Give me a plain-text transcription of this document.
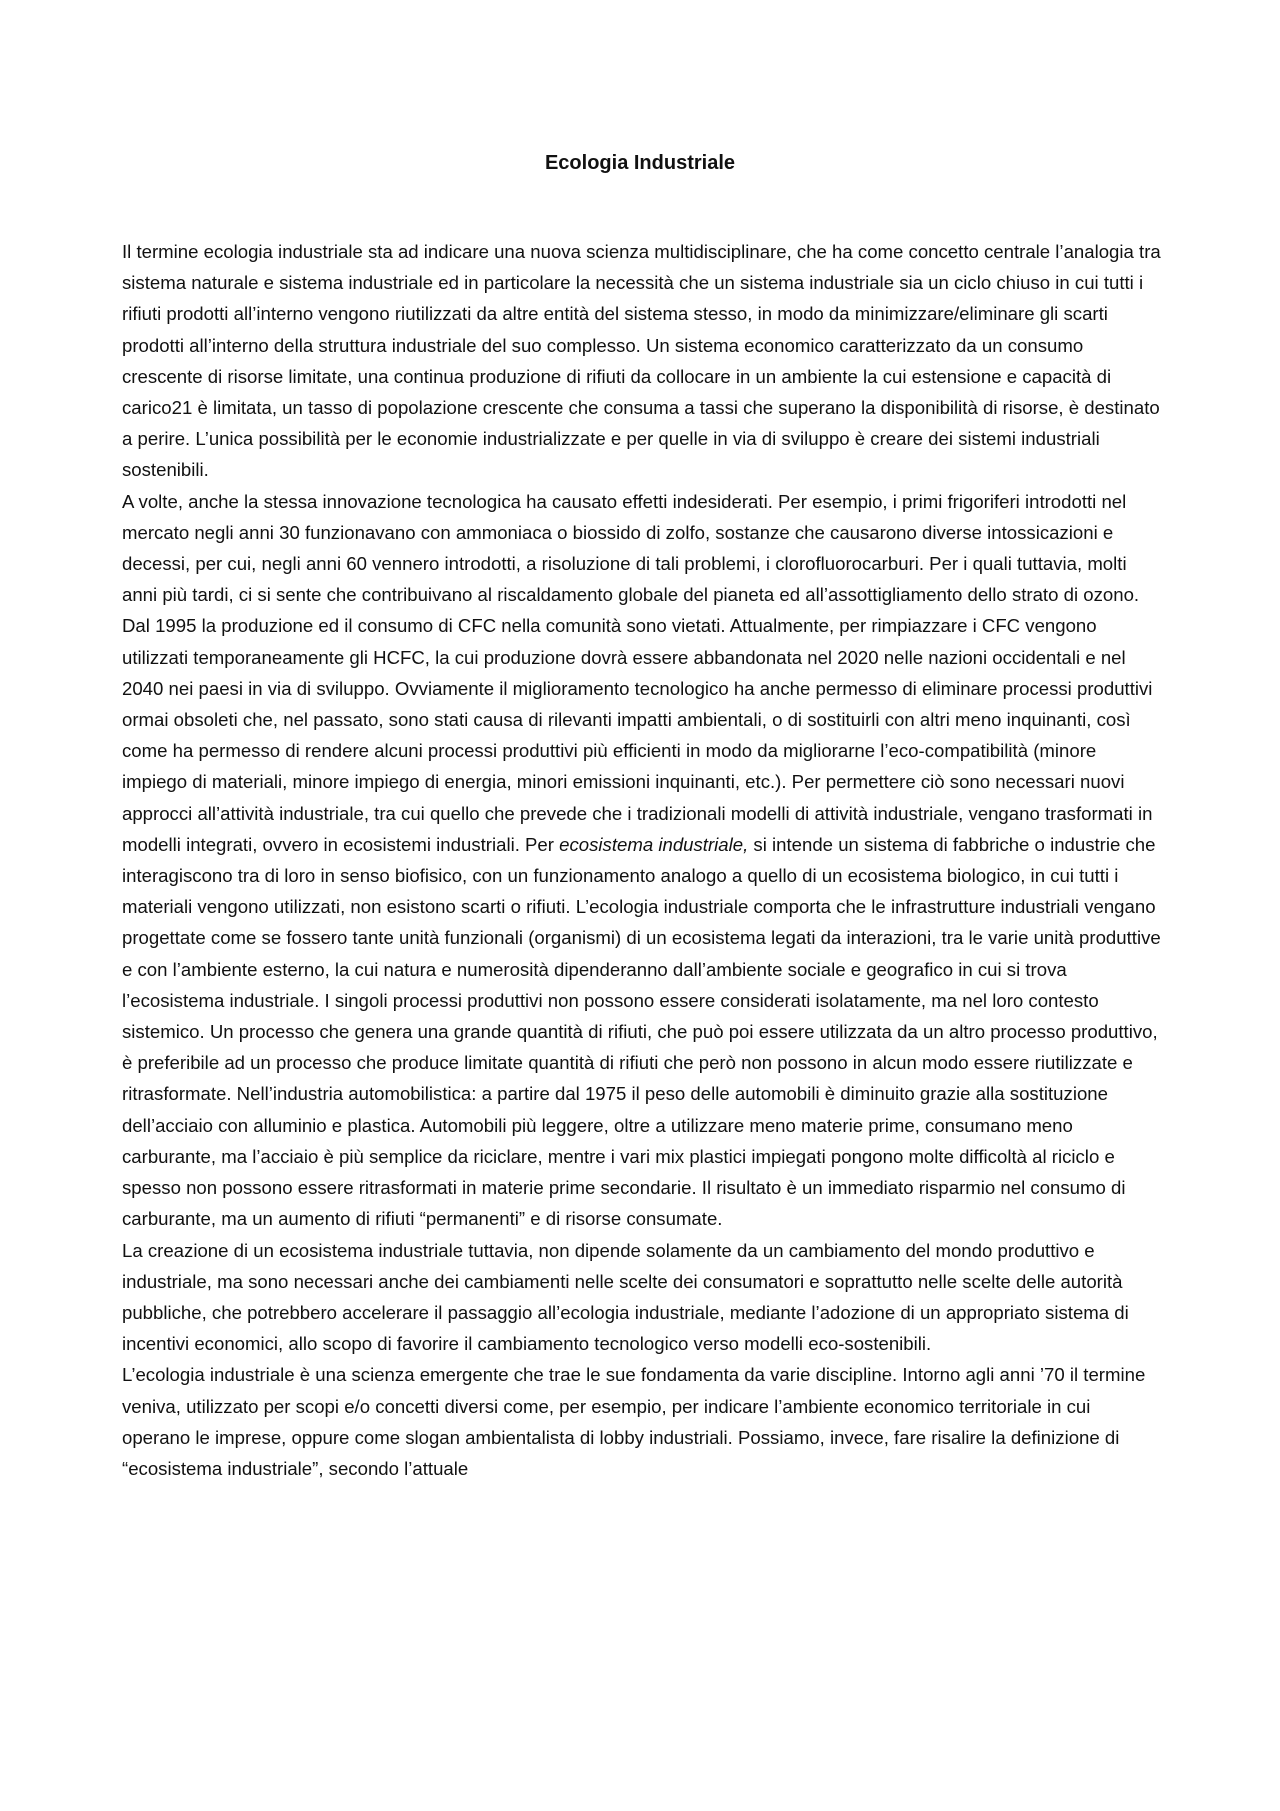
Ecologia Industriale

Il termine ecologia industriale sta ad indicare una nuova scienza multidisciplinare, che ha come concetto centrale l’analogia tra sistema naturale e sistema industriale ed in particolare la necessità che un sistema industriale sia un ciclo chiuso in cui tutti i rifiuti prodotti all’interno vengono riutilizzati da altre entità del sistema stesso, in modo da minimizzare/eliminare gli scarti prodotti all’interno della struttura industriale del suo complesso. Un sistema economico caratterizzato da un consumo crescente di risorse limitate, una continua produzione di rifiuti da collocare in un ambiente la cui estensione e capacità di carico21 è limitata, un tasso di popolazione crescente che consuma a tassi che superano la disponibilità di risorse, è destinato a perire. L’unica possibilità per le economie industrializzate e per quelle in via di sviluppo è creare dei sistemi industriali sostenibili.

A volte, anche la stessa innovazione tecnologica ha causato effetti indesiderati. Per esempio, i primi frigoriferi introdotti nel mercato negli anni 30 funzionavano con ammoniaca o biossido di zolfo, sostanze che causarono diverse intossicazioni e decessi, per cui, negli anni 60 vennero introdotti, a risoluzione di tali problemi, i clorofluorocarburi. Per i quali tuttavia, molti anni più tardi, ci si sente che contribuivano al riscaldamento globale del pianeta ed all’assottigliamento dello strato di ozono. Dal 1995 la produzione ed il consumo di CFC nella comunità sono vietati. Attualmente, per rimpiazzare i CFC vengono utilizzati temporaneamente gli HCFC, la cui produzione dovrà essere abbandonata nel 2020 nelle nazioni occidentali e nel 2040 nei paesi in via di sviluppo. Ovviamente il miglioramento tecnologico ha anche permesso di eliminare processi produttivi ormai obsoleti che, nel passato, sono stati causa di rilevanti impatti ambientali, o di sostituirli con altri meno inquinanti, così come ha permesso di rendere alcuni processi produttivi più efficienti in modo da migliorarne l’eco-compatibilità (minore impiego di materiali, minore impiego di energia, minori emissioni inquinanti, etc.). Per permettere ciò sono necessari nuovi approcci all’attività industriale, tra cui quello che prevede che i tradizionali modelli di attività industriale, vengano trasformati in modelli integrati, ovvero in ecosistemi industriali. Per ecosistema industriale, si intende un sistema di fabbriche o industrie che interagiscono tra di loro in senso biofisico, con un funzionamento analogo a quello di un ecosistema biologico, in cui tutti i materiali vengono utilizzati, non esistono scarti o rifiuti. L’ecologia industriale comporta che le infrastrutture industriali vengano progettate come se fossero tante unità funzionali (organismi) di un ecosistema legati da interazioni, tra le varie unità produttive e con l’ambiente esterno, la cui natura e numerosità dipenderanno dall’ambiente sociale e geografico in cui si trova l’ecosistema industriale. I singoli processi produttivi non possono essere considerati isolatamente, ma nel loro contesto sistemico. Un processo che genera una grande quantità di rifiuti, che può poi essere utilizzata da un altro processo produttivo, è preferibile ad un processo che produce limitate quantità di rifiuti che però non possono in alcun modo essere riutilizzate e ritrasformate. Nell’industria automobilistica: a partire dal 1975 il peso delle automobili è diminuito grazie alla sostituzione dell’acciaio con alluminio e plastica. Automobili più leggere, oltre a utilizzare meno materie prime, consumano meno carburante, ma l’acciaio è più semplice da riciclare, mentre i vari mix plastici impiegati pongono molte difficoltà al riciclo e spesso non possono essere ritrasformati in materie prime secondarie. Il risultato è un immediato risparmio nel consumo di carburante, ma un aumento di rifiuti “permanenti” e di risorse consumate.

La creazione di un ecosistema industriale tuttavia, non dipende solamente da un cambiamento del mondo produttivo e industriale, ma sono necessari anche dei cambiamenti nelle scelte dei consumatori e soprattutto nelle scelte delle autorità pubbliche, che potrebbero accelerare il passaggio all’ecologia industriale, mediante l’adozione di un appropriato sistema di incentivi economici, allo scopo di favorire il cambiamento tecnologico verso modelli eco-sostenibili.

L’ecologia industriale è una scienza emergente che trae le sue fondamenta da varie discipline. Intorno agli anni ’70 il termine veniva, utilizzato per scopi e/o concetti diversi come, per esempio, per indicare l’ambiente economico territoriale in cui operano le imprese, oppure come slogan ambientalista di lobby industriali. Possiamo, invece, fare risalire la definizione di “ecosistema industriale”, secondo l’attuale
